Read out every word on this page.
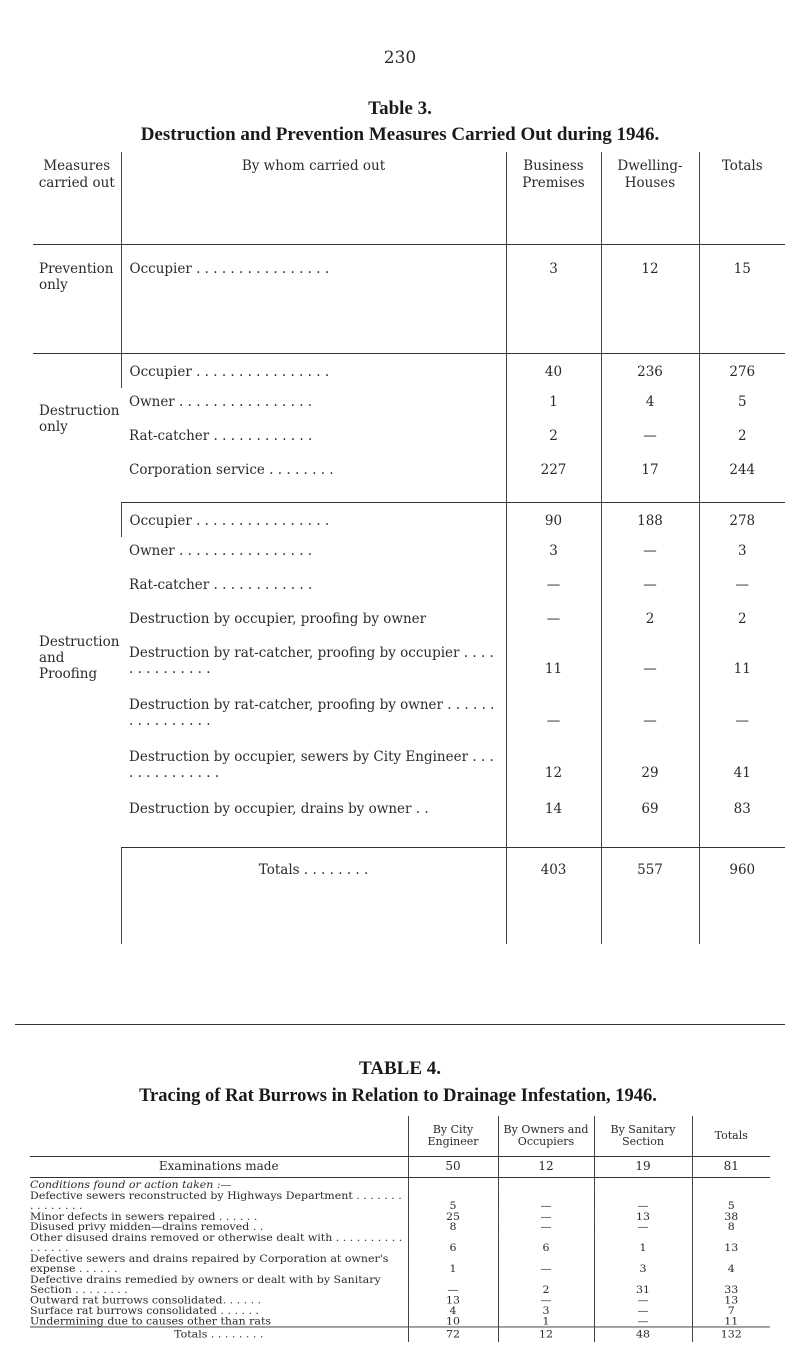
230
Table 3.
Destruction and Prevention Measures Carried Out during 1946.
Measures carried out	By whom carried out	Business Premises	Dwelling-Houses	Totals
Prevention only	Occupier . . . . . . . . . . . . . . . .	3	12	15

Destruction only	Occupier . . . . . . . . . . . . . . . .	40	236	276
	Owner . . . . . . . . . . . . . . . .	1	4	5
	Rat-catcher . . . . . . . . . . . .	2	—	2
	Corporation service . . . . . . . .	227	17	244

Destruction and Proofing	Occupier . . . . . . . . . . . . . . . .	90	188	278
	Owner . . . . . . . . . . . . . . . .	3	—	3
	Rat-catcher . . . . . . . . . . . .	—	—	—
	Destruction by occupier, proofing by owner	—	2	2
	Destruction by rat-catcher, proofing by occupier . . . . . . . . . . . . . .	11	—	11
	Destruction by rat-catcher, proofing by owner . . . . . . . . . . . . . . . .	—	—	—
	Destruction by occupier, sewers by City Engineer . . . . . . . . . . . . . .	12	29	41
	Destruction by occupier, drains by owner . .	14	69	83
	Totals . . . . . . . .	403	557	960
TABLE 4.
Tracing of Rat Burrows in Relation to Drainage Infestation, 1946.
	By City Engineer	By Owners and Occupiers	By Sanitary Section	Totals
Examinations made	50	12	19	81
Conditions found or action taken :—				
Defective sewers reconstructed by Highways Department . . . . . . . . . . . . . . .	5	—	—	5
Minor defects in sewers repaired . . . . . .	25	—	13	38
Disused privy midden—drains removed . .	8	—	—	8
Other disused drains removed or otherwise dealt with . . . . . . . . . . . . . . . .	6	6	1	13
Defective sewers and drains repaired by Corporation at owner's expense . . . . . .	1	—	3	4
Defective drains remedied by owners or dealt with by Sanitary Section . . . . . . . .	—	2	31	33
Outward rat burrows consolidated. . . . . .	13	—	—	13
Surface rat burrows consolidated . . . . . .	4	3	—	7
Undermining due to causes other than rats	10	1	—	11
Totals . . . . . . . .	72	12	48	132
